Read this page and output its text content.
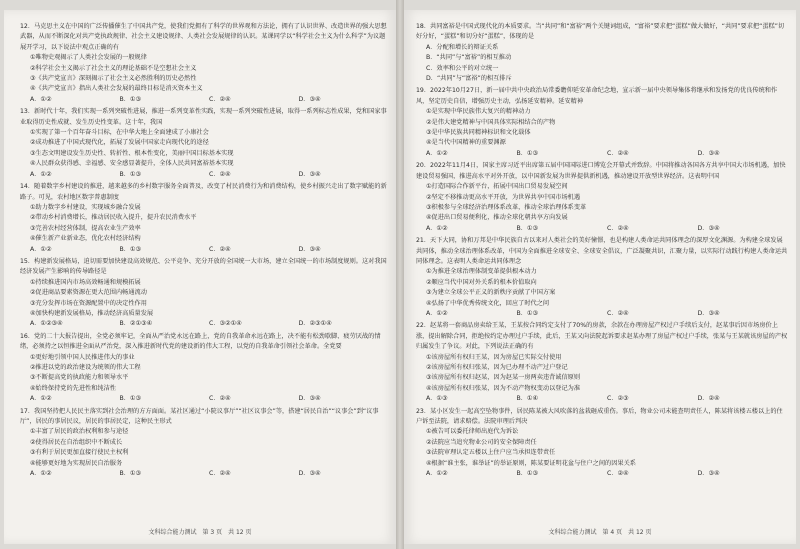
12．马克思主义在中国的广泛传播催生了中国共产党，使我们党拥有了科学的世界观和方法论，拥有了认识世界、改造世界的强大思想武器，从而不断深化对共产党执政规律、社会主义建设规律、人类社会发展规律的认识。某课同学以“科学社会主义为什么科学”为议题展开学习，以下说法中观点正确的有

①唯物史观揭示了人类社会发展的一般规律

②科学社会主义揭示了社会主义的理论基础不是空想社会主义

③《共产党宣言》深刻揭示了社会主义必然胜利的历史必然性

④《共产党宣言》指出人类社会发展的最终目标是消灭资本主义

A．①②	B．①③	C．②④	D．③④

13．新时代十年，我们实现一系列突破性进展，推进一系列变革性实践，实现一系列突破性进展，取得一系列标志性成果，党和国家事业取得历史性成就、发生历史性变革。这十年，我国

①实现了第一个百年奋斗目标，在中华大地上全面建成了小康社会

②成功推进了中国式现代化，拓展了发展中国家走向现代化的途径

③生态文明建设发生历史性、转折性、根本性变化，美丽中国目标基本实现

④人民群众获得感、幸福感、安全感显著提升，全体人民共同富裕基本实现

A．①②	B．①③	C．②④	D．③④

14．随着数字乡村建设的推进，越来越多的乡村数字服务全面普及，改变了村民消费行为和消费结构，使乡村振兴走出了数字赋能的新路子。可见，农村地区数字普惠制度

①助力数字乡村建设，实现城乡融合发展

②带动乡村消费增长，推动居民收入提升，提升农民消费水平

③完善农村经营体制，提高农业生产效率

④催生新产业新业态，优化农村经济结构

A．①②	B．①③	C．②④	D．③④

15．构建新发展格局，迫切需要加快建设高效规范、公平竞争、充分开放的全国统一大市场，建立全国统一的市场制度规则。这对我国经济发展产生影响的传导路径是

①持续推进国内市场高效畅通和规模拓展

②促进商品要素资源在更大范围内畅通流动

③充分发挥市场在资源配置中的决定性作用

④加快构建新发展格局，推动经济高质量发展

A．①②③④	B．②①③④	C．③②①④	D．②③①④

16．党的二十大报告提出，全党必须牢记，全面从严治党永远在路上，党的自我革命永远在路上，决不能有松劲歇脚、疲劳厌战的情绪，必须持之以恒推进全面从严治党，深入推进新时代党的建设新的伟大工程，以党的自我革命引领社会革命。全党要

①更好地引领中国人民推进伟大的事业

②推进以党的政治建设为统领的伟大工程

③不断提高党的执政能力和领导水平

④始终保持党的先进性和纯洁性

A．①②	B．①③	C．②④	D．③④

17．我国坚持把人民民主落实到社会治理的方方面面。某社区通过“小院议事厅”“社区议事会”等，搭建“居民自治”“议事会”到“议事厅”，居民的事居民议，居民的事居民定，这种民主形式

①丰富了居民的政治权利和参与途径

②使得居民在自治组织中不断成长

③有利于居民更加直接行使民主权利

④能够更好地为实现居民自治服务

A．①②	B．①③	C．②④	D．③④
文科综合能力测试　第 3 页　共 12 页

18．共同富裕是中国式现代化的本质要求。当“共同”和“富裕”两个关键词组成，“富裕”要求把“蛋糕”做大做好，“共同”要求把“蛋糕”切好分好，“蛋糕”和切分好“蛋糕”，体现的是

A．分配和增长的辩证关系

B．“共同”与“富裕”的相互推动

C．效率和公平的对立统一

D．“共同”与“富裕”的相互排斥

19．2022年10月27日，新一届中共中央政治局常委瞻仰延安革命纪念地，宣示新一届中央领导集体将继承和发扬党的优良传统和作风，坚定历史自信，增强历史主动，弘扬延安精神。延安精神

①是实现中华民族伟大复兴的精神动力

②是伟大建党精神与中国具体实际相结合的产物

③是中华民族共同精神标识和文化载体

④是当代中国精神的重要渊源

A．①②	B．①③	C．②④	D．③④

20．2022年11月4日，国家主席习近平出席第五届中国国际进口博览会开幕式并致辞。中国将推动各国各方共享中国大市场机遇，加快建设贸易强国，推进高水平对外开放，以中国新发展为世界提供新机遇，推动建设开放型世界经济。这表明中国

①打造国际合作新平台，拓展中国出口贸易发展空间

②坚定不移推动更高水平开放，为世界共享中国市场机遇

③积极参与全球经济治理体系改革，推动全球治理体系变革

④促进出口贸易便利化，推动全球化朝共享方向发展

A．①②	B．①③	C．②④	D．③④

21．天下大同，协和万邦是中华民族自古以来对人类社会的美好憧憬，也是构建人类命运共同体理念的深厚文化渊源。为构建全球发展共同体，推动全球治理体系改革，中国为全面推进全球安全、全球安全倡议，广泛凝聚共识，汇聚力量，以实际行动践行构建人类命运共同体理念。这表明人类命运共同体理念

①为推进全球治理体制变革提供根本动力

②顺应当代中国对外关系的根本价值取向

③为建立全球公平正义的新秩序贡献了中国方案

④弘扬了中华优秀传统文化，回应了时代之问

A．①②	B．①③	C．②④	D．③④

22．赵某将一套商品房卖给王某，王某按合同约定支付了70%的房款，余款在办理房屋产权过户手续后支付，赵某事后因市场房价上涨，提出解除合同，拒绝按约定办理过户手续，此后，王某又向法院起诉要求赵某办理了房屋产权过户手续，张某与王某就该房屋的产权归属发生了争议。对此，下列说法正确的有

①该房屋所有权归王某，因为房屋已实际交付使用

②该房屋所有权归张某，因为已办理不动产过户登记

③该房屋所有权归赵某，因为赵某一房两卖违背诚信原则

④该房屋所有权归张某，因为不动产物权变动以登记为准

A．①③	B．①④	C．②③	D．②④

23．某小区发生一起高空坠物事件，居民陈某被大风吹落的盆栽砸成重伤。事后，物业公司未能查明责任人，陈某将该楼五楼以上的住户诉至法院，请求赔偿。法院审理后判决

①被告可以委托律师出庭代为诉讼

②法院应当追究物业公司的安全保障责任

③法院审理认定五楼以上住户应当承担连带责任

④根据“谁主张，谁举证”的举证原则，陈某要证明花盆与住户之间的因果关系

A．①②	B．①③	C．②④	D．③④
文科综合能力测试　第 4 页　共 12 页
